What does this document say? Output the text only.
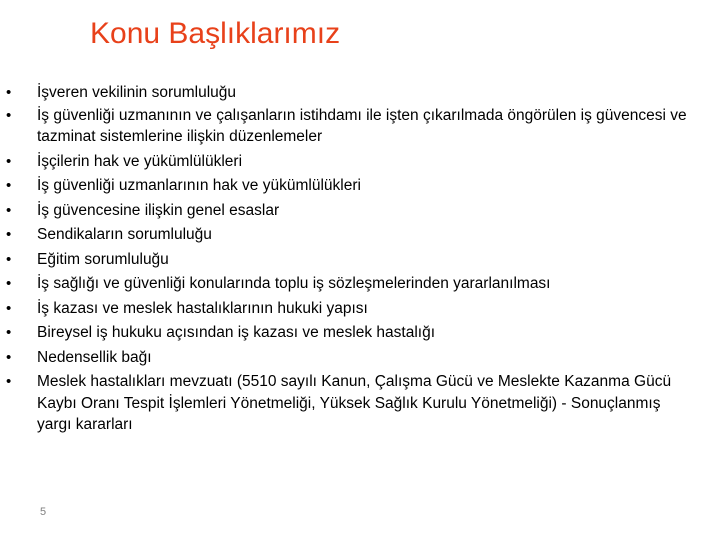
Konu Başlıklarımız
•	İşveren vekilinin sorumluluğu
•	İş güvenliği uzmanının ve çalışanların istihdamı ile işten çıkarılmada öngörülen iş güvencesi ve tazminat sistemlerine ilişkin düzenlemeler
•	İşçilerin hak ve yükümlülükleri
•	İş güvenliği uzmanlarının hak ve yükümlülükleri
•	İş güvencesine ilişkin genel esaslar
•	Sendikaların sorumluluğu
•	Eğitim sorumluluğu
•	İş sağlığı ve güvenliği konularında toplu iş sözleşmelerinden yararlanılması
•	İş kazası ve meslek hastalıklarının hukuki yapısı
•	Bireysel iş hukuku açısından iş kazası ve meslek hastalığı
•	Nedensellik bağı
•	Meslek hastalıkları mevzuatı (5510 sayılı Kanun, Çalışma Gücü ve Meslekte Kazanma Gücü Kaybı Oranı Tespit İşlemleri Yönetmeliği, Yüksek Sağlık Kurulu Yönetmeliği) - Sonuçlanmış yargı kararları
5
